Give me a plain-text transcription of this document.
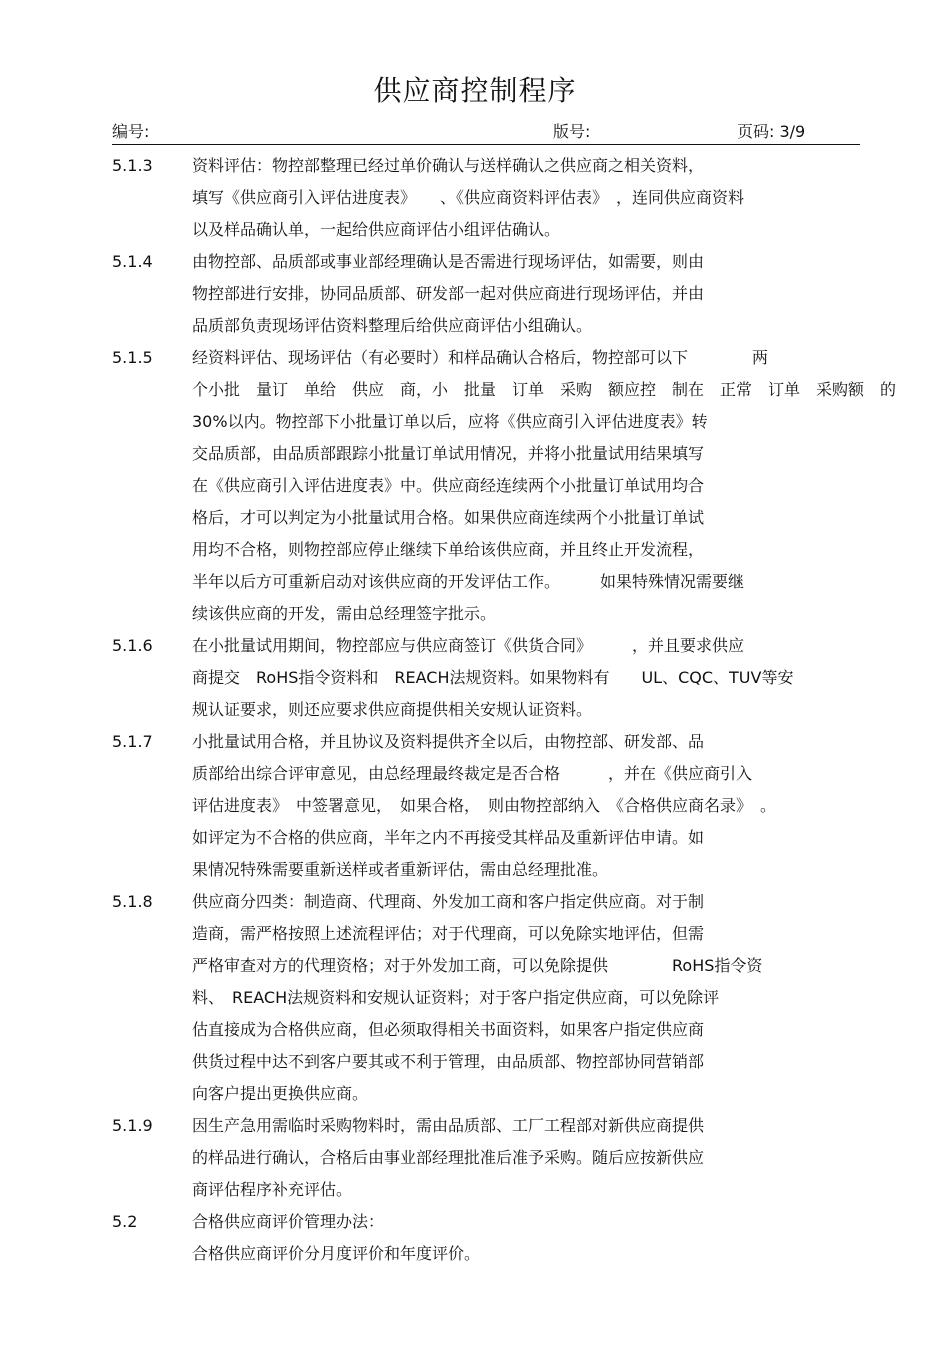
供应商控制程序
编号:	版号:	页码: 3/9
5.1.3 资料评估：物控部整理已经过单价确认与送样确认之供应商之相关资料，
填写《供应商引入评估进度表》　　、《供应商资料评估表》　，连同供应商资料
以及样品确认单，一起给供应商评估小组评估确认。
5.1.4 由物控部、品质部或事业部经理确认是否需进行现场评估，如需要，则由
物控部进行安排，协同品质部、研发部一起对供应商进行现场评估，并由
品质部负责现场评估资料整理后给供应商评估小组确认。
5.1.5 经资料评估、现场评估（有必要时）和样品确认合格后，物控部可以下　　　　两
个小批　量订　单给　供应　商，小　批量　订单　采购　额应控　制在　正常　订单　采购额　的
30%以内。物控部下小批量订单以后，应将《供应商引入评估进度表》转
交品质部，由品质部跟踪小批量订单试用情况，并将小批量试用结果填写
在《供应商引入评估进度表》中。供应商经连续两个小批量订单试用均合
格后，才可以判定为小批量试用合格。如果供应商连续两个小批量订单试
用均不合格，则物控部应停止继续下单给该供应商，并且终止开发流程，
半年以后方可重新启动对该供应商的开发评估工作。　　　如果特殊情况需要继
续该供应商的开发，需由总经理签字批示。
5.1.6 在小批量试用期间，物控部应与供应商签订《供货合同》　　　，并且要求供应
商提交　RoHS指令资料和　REACH法规资料。如果物料有　　UL、CQC、TUV等安
规认证要求，则还应要求供应商提供相关安规认证资料。
5.1.7 小批量试用合格，并且协议及资料提供齐全以后，由物控部、研发部、品
质部给出综合评审意见，由总经理最终裁定是否合格　　　，并在《供应商引入
评估进度表》　中签署意见，　如果合格，　则由物控部纳入　《合格供应商名录》　。
如评定为不合格的供应商，半年之内不再接受其样品及重新评估申请。如
果情况特殊需要重新送样或者重新评估，需由总经理批准。
5.1.8 供应商分四类：制造商、代理商、外发加工商和客户指定供应商。对于制
造商，需严格按照上述流程评估；对于代理商，可以免除实地评估，但需
严格审查对方的代理资格；对于外发加工商，可以免除提供　　　　RoHS指令资
料、　REACH法规资料和安规认证资料；对于客户指定供应商，可以免除评
估直接成为合格供应商，但必须取得相关书面资料，如果客户指定供应商
供货过程中达不到客户要其或不利于管理，由品质部、物控部协同营销部
向客户提出更换供应商。
5.1.9 因生产急用需临时采购物料时，需由品质部、工厂工程部对新供应商提供
的样品进行确认，合格后由事业部经理批准后准予采购。随后应按新供应
商评估程序补充评估。
5.2	合格供应商评价管理办法：
合格供应商评价分月度评价和年度评价。
